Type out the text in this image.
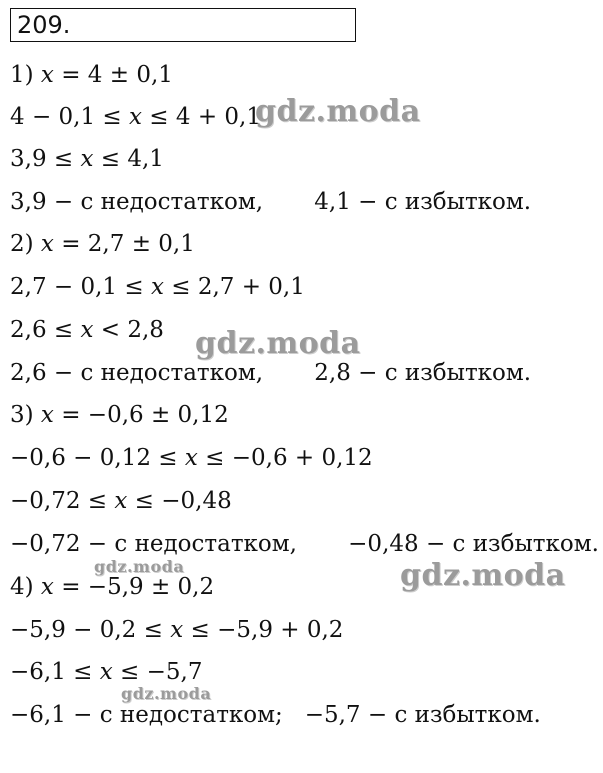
209.
1) x = 4 ± 0,1
4 − 0,1 ≤ x ≤ 4 + 0,1
3,9 ≤ x ≤ 4,1
3,9 − с недостатком,       4,1 − с избытком.
2) x = 2,7 ± 0,1
2,7 − 0,1 ≤ x ≤ 2,7 + 0,1
2,6 ≤ x < 2,8
2,6 − с недостатком,       2,8 − с избытком.
3) x = −0,6 ± 0,12
−0,6 − 0,12 ≤ x ≤ −0,6 + 0,12
−0,72 ≤ x ≤ −0,48
−0,72 − с недостатком,       −0,48 − с избытком.
4) x = −5,9 ± 0,2
−5,9 − 0,2 ≤ x ≤ −5,9 + 0,2
−6,1 ≤ x ≤ −5,7
−6,1 − с недостатком;   −5,7 − с избытком.
gdz.moda
gdz.moda
gdz.moda	gdz.moda
gdz.moda
